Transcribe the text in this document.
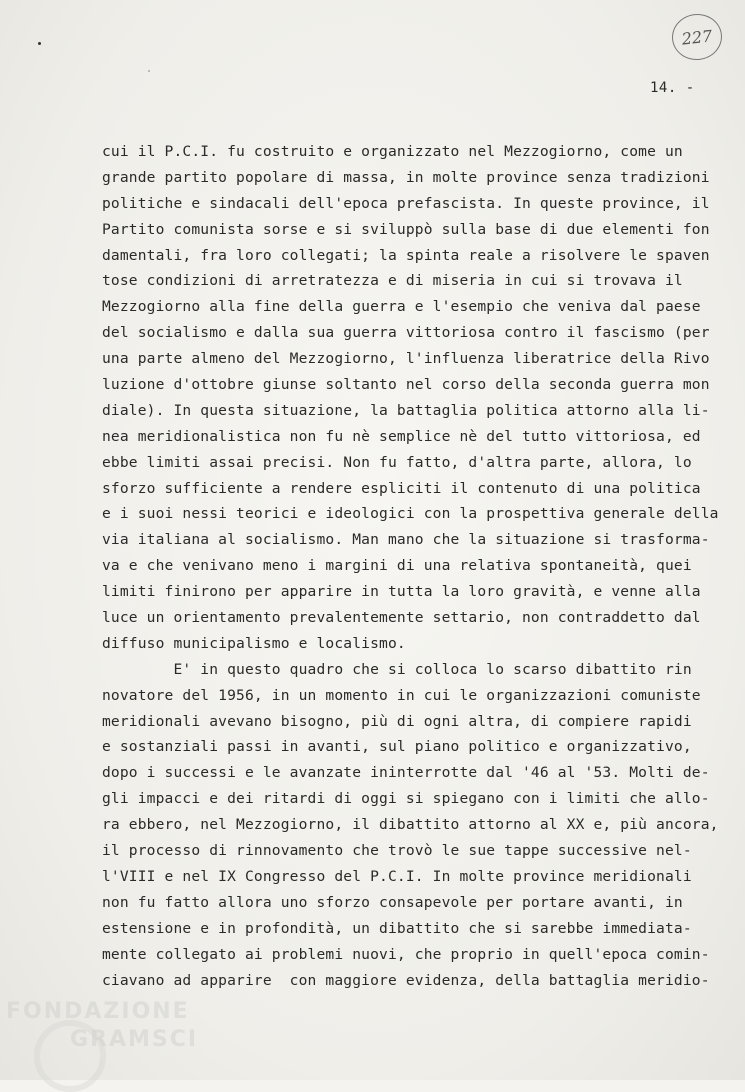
227
14. -
cui il P.C.I. fu costruito e organizzato nel Mezzogiorno, come un
grande partito popolare di massa, in molte province senza tradizioni
politiche e sindacali dell'epoca prefascista. In queste province, il
Partito comunista sorse e si sviluppò sulla base di due elementi fon
damentali, fra loro collegati; la spinta reale a risolvere le spaven
tose condizioni di arretratezza e di miseria in cui si trovava il
Mezzogiorno alla fine della guerra e l'esempio che veniva dal paese
del socialismo e dalla sua guerra vittoriosa contro il fascismo (per
una parte almeno del Mezzogiorno, l'influenza liberatrice della Rivo
luzione d'ottobre giunse soltanto nel corso della seconda guerra mon
diale). In questa situazione, la battaglia politica attorno alla li-
nea meridionalistica non fu nè semplice nè del tutto vittoriosa, ed
ebbe limiti assai precisi. Non fu fatto, d'altra parte, allora, lo
sforzo sufficiente a rendere espliciti il contenuto di una politica
e i suoi nessi teorici e ideologici con la prospettiva generale della
via italiana al socialismo. Man mano che la situazione si trasforma-
va e che venivano meno i margini di una relativa spontaneità, quei
limiti finirono per apparire in tutta la loro gravità, e venne alla
luce un orientamento prevalentemente settario, non contraddetto dal
diffuso municipalismo e localismo.
E' in questo quadro che si colloca lo scarso dibattito rin
novatore del 1956, in un momento in cui le organizzazioni comuniste
meridionali avevano bisogno, più di ogni altra, di compiere rapidi
e sostanziali passi in avanti, sul piano politico e organizzativo,
dopo i successi e le avanzate ininterrotte dal '46 al '53. Molti de-
gli impacci e dei ritardi di oggi si spiegano con i limiti che allo-
ra ebbero, nel Mezzogiorno, il dibattito attorno al XX e, più ancora,
il processo di rinnovamento che trovò le sue tappe successive nel-
l'VIII e nel IX Congresso del P.C.I. In molte province meridionali
non fu fatto allora uno sforzo consapevole per portare avanti, in
estensione e in profondità, un dibattito che si sarebbe immediata-
mente collegato ai problemi nuovi, che proprio in quell'epoca comin-
ciavano ad apparire  con maggiore evidenza, della battaglia meridio-
FONDAZIONE
GRAMSCI
